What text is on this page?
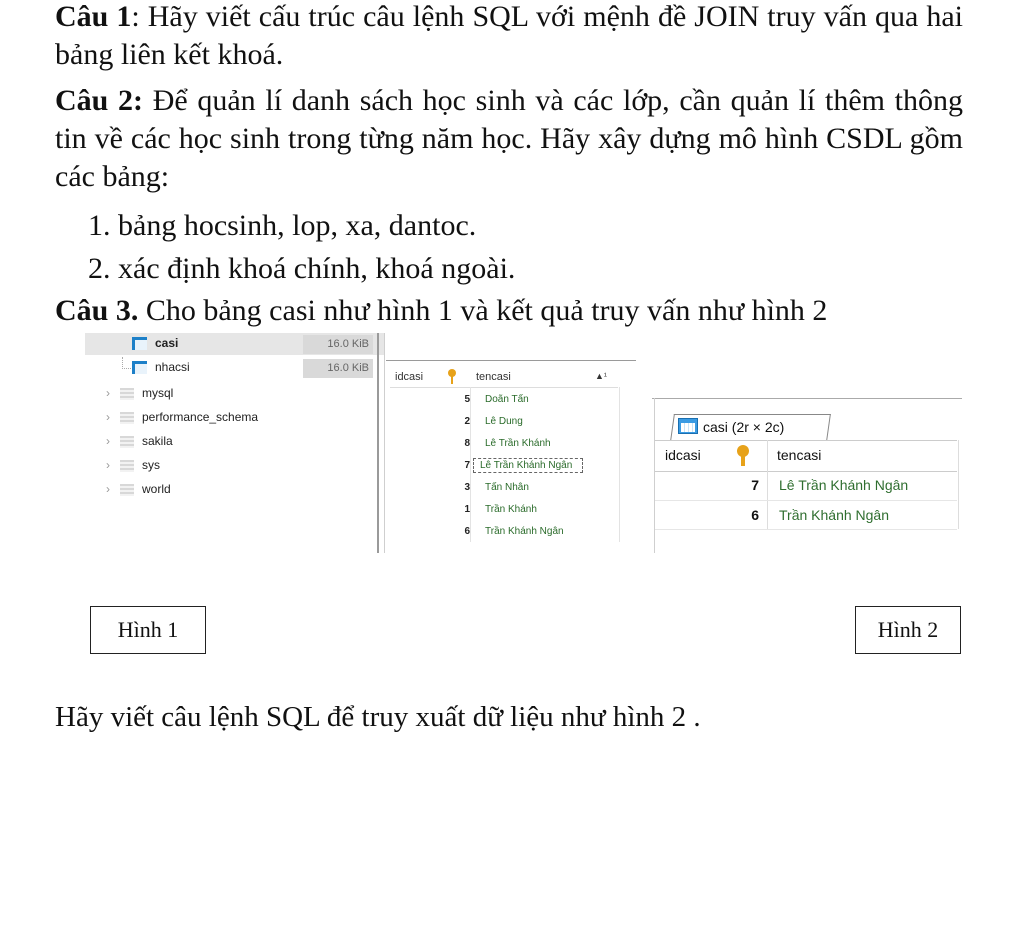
Câu 1: Hãy viết cấu trúc câu lệnh SQL với mệnh đề JOIN truy vấn qua hai bảng liên kết khoá.

Câu 2: Để quản lí danh sách học sinh và các lớp, cần quản lí thêm thông tin về các học sinh trong từng năm học. Hãy xây dựng mô hình CSDL gồm các bảng:

1. bảng hocsinh, lop, xa, dantoc.

2. xác định khoá chính, khoá ngoài.

Câu 3. Cho bảng casi như hình 1 và kết quả truy vấn như hình 2

casi	16.0 KiB
nhacsi	16.0 KiB
›	mysql
›	performance_schema
›	sakila
›	sys
›	world
idcasi	tencasi	▲¹
5 Doãn Tấn
2 Lê Dung
8 Lê Trần Khánh
7	Lê Trần Khánh Ngân
3 Tấn Nhân
1 Trần Khánh
6 Trần Khánh Ngân
casi (2r × 2c)
idcasi	tencasi
7 Lê Trần Khánh Ngân
6 Trần Khánh Ngân
Hình 1	Hình 2

Hãy viết câu lệnh SQL để truy xuất dữ liệu như hình 2 .
